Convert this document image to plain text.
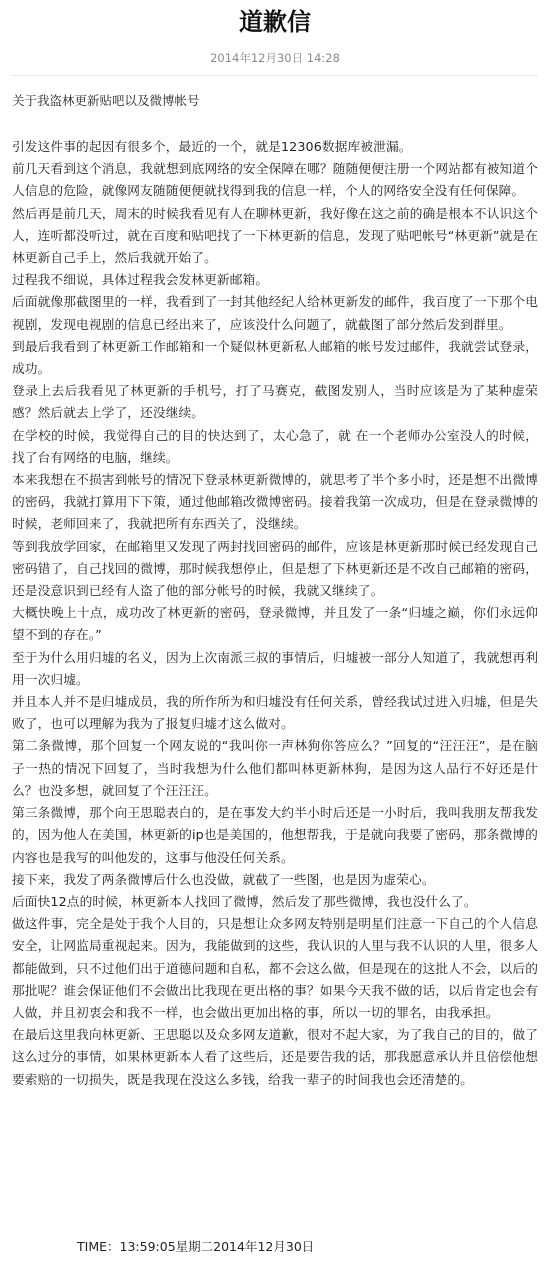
道歉信
2014年12月30日 14:28
关于我盗林更新贴吧以及微博帐号

引发这件事的起因有很多个，最近的一个，就是12306数据库被泄漏。

前几天看到这个消息，我就想到底网络的安全保障在哪？随随便便注册一个网站都有被知道个人信息的危险，就像网友随随便便就找得到我的信息一样，个人的网络安全没有任何保障。

然后再是前几天，周末的时候我看见有人在聊林更新，我好像在这之前的确是根本不认识这个人，连听都没听过，就在百度和贴吧找了一下林更新的信息，发现了贴吧帐号“林更新”就是在林更新自己手上，然后我就开始了。

过程我不细说，具体过程我会发林更新邮箱。

后面就像那截图里的一样，我看到了一封其他经纪人给林更新发的邮件，我百度了一下那个电视剧，发现电视剧的信息已经出来了，应该没什么问题了，就截图了部分然后发到群里。

到最后我看到了林更新工作邮箱和一个疑似林更新私人邮箱的帐号发过邮件，我就尝试登录，成功。

登录上去后我看见了林更新的手机号，打了马赛克，截图发别人，当时应该是为了某种虚荣感？然后就去上学了，还没继续。

在学校的时候，我觉得自己的目的快达到了，太心急了，就 在一个老师办公室没人的时候，找了台有网络的电脑，继续。

本来我想在不损害到帐号的情况下登录林更新微博的，就思考了半个多小时，还是想不出微博的密码，我就打算用下下策，通过他邮箱改微博密码。接着我第一次成功，但是在登录微博的时候，老师回来了，我就把所有东西关了，没继续。

等到我放学回家，在邮箱里又发现了两封找回密码的邮件，应该是林更新那时候已经发现自己密码错了，自己找回的微博，那时候我想停止，但是想了下林更新还是不改自己邮箱的密码，还是没意识到已经有人盗了他的部分帐号的时候，我就又继续了。

大概快晚上十点，成功改了林更新的密码，登录微博，并且发了一条“归墟之巅，你们永远仰望不到的存在。”

至于为什么用归墟的名义，因为上次南派三叔的事情后，归墟被一部分人知道了，我就想再利用一次归墟。

并且本人并不是归墟成员，我的所作所为和归墟没有任何关系，曾经我试过进入归墟，但是失败了，也可以理解为我为了报复归墟才这么做对。

第二条微博，那个回复一个网友说的“我叫你一声林狗你答应么？”回复的“汪汪汪”，是在脑子一热的情况下回复了，当时我想为什么他们都叫林更新林狗，是因为这人品行不好还是什么？也没多想，就回复了个汪汪汪。

第三条微博，那个向王思聪表白的，是在事发大约半小时后还是一小时后，我叫我朋友帮我发的，因为他人在美国，林更新的ip也是美国的，他想帮我，于是就向我要了密码，那条微博的内容也是我写的叫他发的，这事与他没任何关系。

接下来，我发了两条微博后什么也没做，就截了一些图，也是因为虚荣心。

后面快12点的时候，林更新本人找回了微博，然后发了那些微博，我也没什么了。

做这件事，完全是处于我个人目的，只是想让众多网友特别是明星们注意一下自己的个人信息安全，让网监局重视起来。因为，我能做到的这些，我认识的人里与我不认识的人里，很多人都能做到，只不过他们出于道德问题和自私，都不会这么做，但是现在的这批人不会，以后的那批呢？谁会保证他们不会做出比我现在更出格的事？如果今天我不做的话，以后肯定也会有人做，并且初衷会和我不一样，也会做出更加出格的事，所以一切的罪名，由我承担。

在最后这里我向林更新、王思聪以及众多网友道歉，很对不起大家，为了我自己的目的，做了这么过分的事情，如果林更新本人看了这些后，还是要告我的话，那我愿意承认并且倍偿他想要索赔的一切损失，既是我现在没这么多钱，给我一辈子的时间我也会还清楚的。

TIME：13:59:05星期二2014年12月30日
